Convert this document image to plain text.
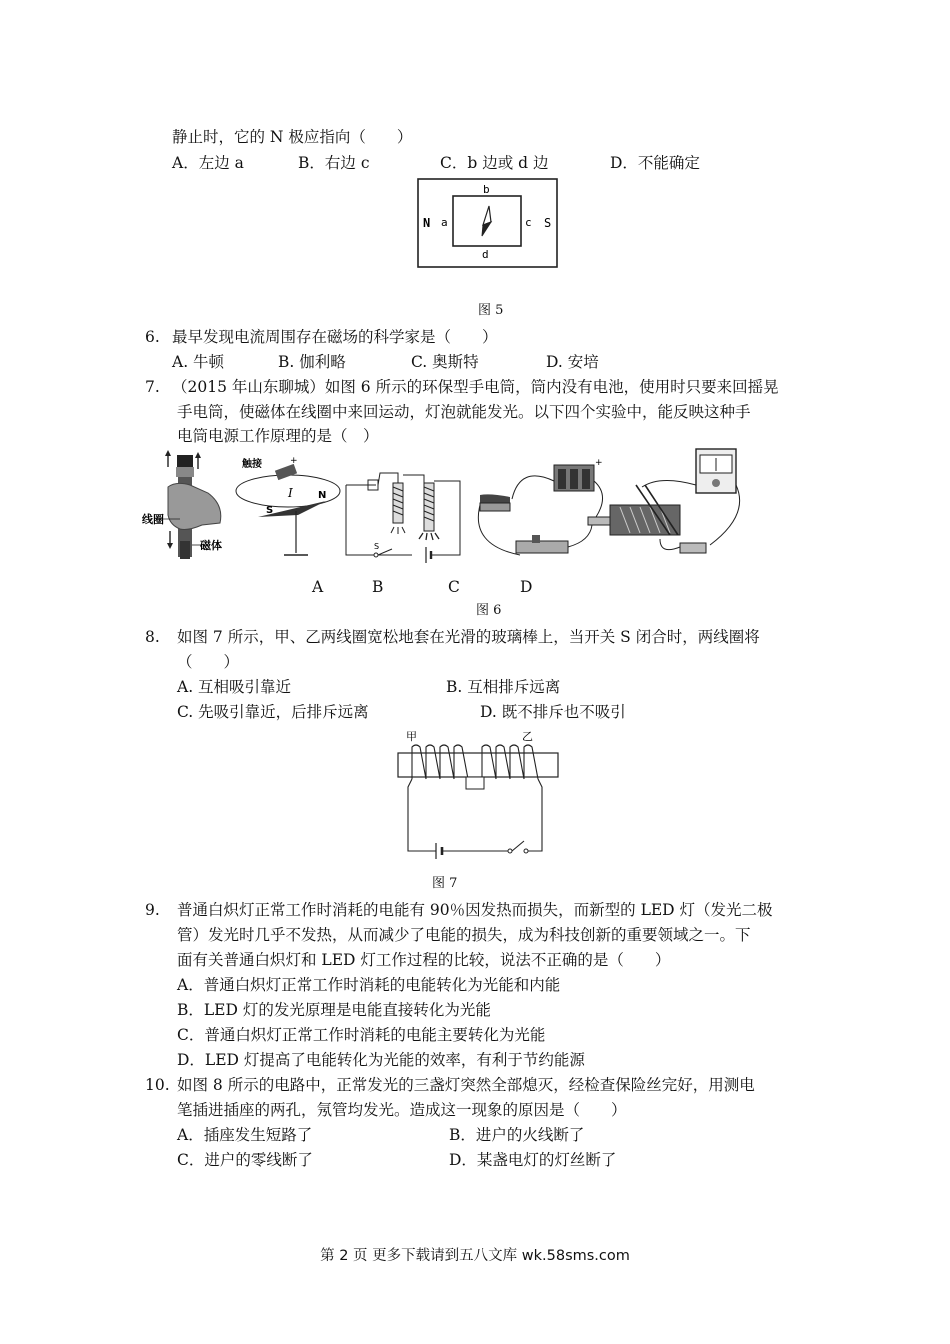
静止时，它的 N 极应指向（　　）
A．左边 a	B．右边 c	C．b 边或 d 边	D．不能确定
b
d
a	c
N	S
图 5
6. 最早发现电流周围存在磁场的科学家是（　　）
A. 牛顿	B. 伽利略	C. 奥斯特	D. 安培
7. （2015 年山东聊城）如图 6 所示的环保型手电筒，筒内没有电池，使用时只要来回摇晃
手电筒，使磁体在线圈中来回运动，灯泡就能发光。以下四个实验中，能反映这种手
电筒电源工作原理的是（　）
线圈
磁体
触接
I
+
S
N
S
+
A	B	C	D
图 6
8. 如图 7 所示，甲、乙两线圈宽松地套在光滑的玻璃棒上，当开关 S 闭合时，两线圈将
（　　）
A. 互相吸引靠近	B. 互相排斥远离
C. 先吸引靠近，后排斥远离	D. 既不排斥也不吸引
甲	乙
图 7
9. 普通白炽灯正常工作时消耗的电能有 90％因发热而损失，而新型的 LED 灯（发光二极
管）发光时几乎不发热，从而减少了电能的损失，成为科技创新的重要领域之一。下
面有关普通白炽灯和 LED 灯工作过程的比较，说法不正确的是（　　）
A．普通白炽灯正常工作时消耗的电能转化为光能和内能
B．LED 灯的发光原理是电能直接转化为光能
C．普通白炽灯正常工作时消耗的电能主要转化为光能
D．LED 灯提高了电能转化为光能的效率，有利于节约能源
10. 如图 8 所示的电路中，正常发光的三盏灯突然全部熄灭，经检查保险丝完好，用测电
笔插进插座的两孔，氖管均发光。造成这一现象的原因是（　　）
A．插座发生短路了	B．进户的火线断了
C．进户的零线断了	D．某盏电灯的灯丝断了
第 2 页 更多下载请到五八文库 wk.58sms.com
